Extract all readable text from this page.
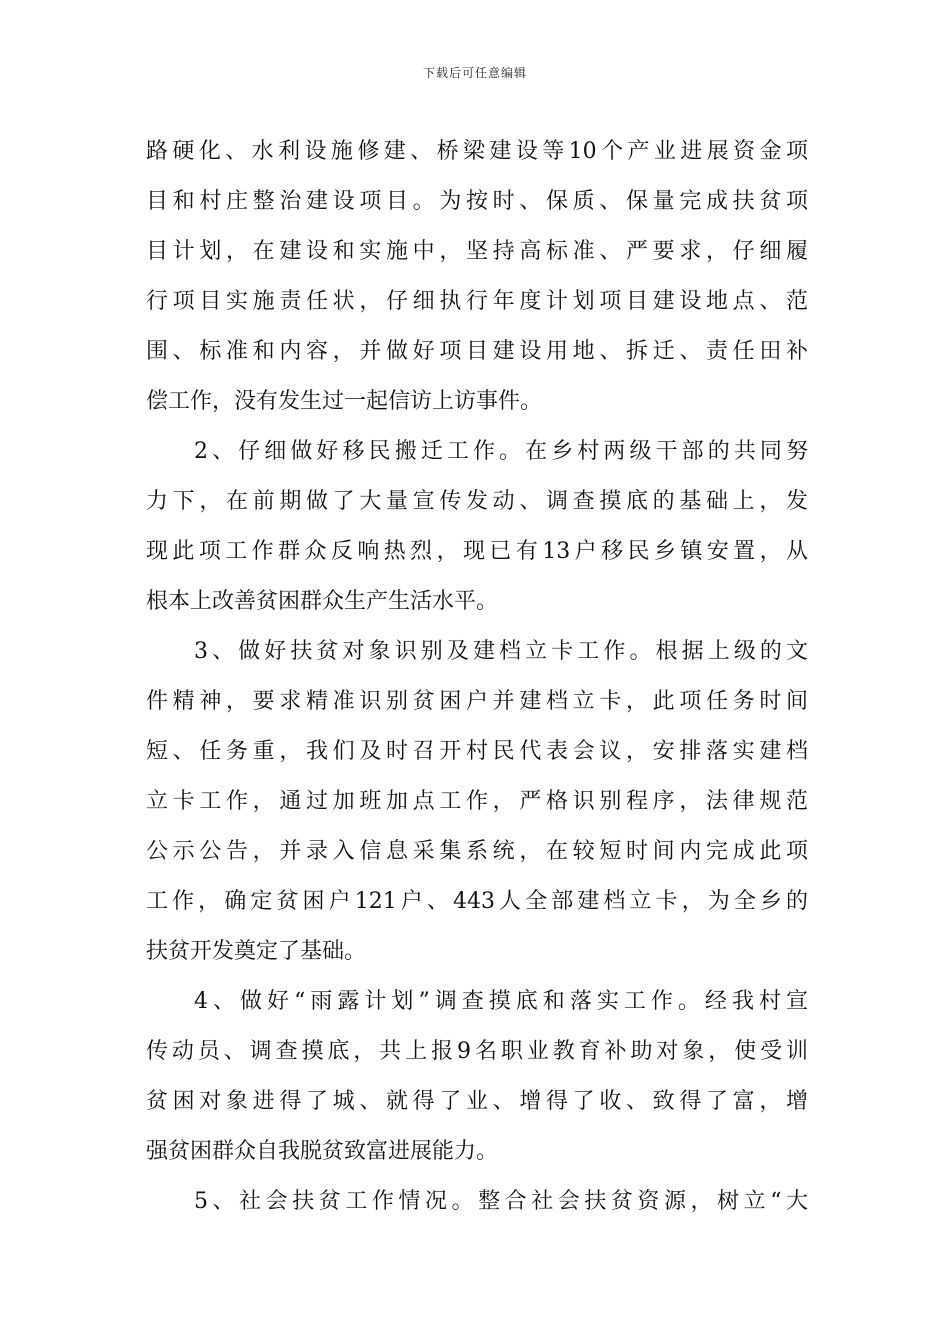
下载后可任意编辑
路硬化、水利设施修建、桥梁建设等10个产业进展资金项
目和村庄整治建设项目。为按时、保质、保量完成扶贫项
目计划，在建设和实施中，坚持高标准、严要求，仔细履
行项目实施责任状，仔细执行年度计划项目建设地点、范
围、标准和内容，并做好项目建设用地、拆迁、责任田补
偿工作，没有发生过一起信访上访事件。
2、仔细做好移民搬迁工作。在乡村两级干部的共同努
力下，在前期做了大量宣传发动、调查摸底的基础上，发
现此项工作群众反响热烈，现已有13户移民乡镇安置，从
根本上改善贫困群众生产生活水平。
3、做好扶贫对象识别及建档立卡工作。根据上级的文
件精神，要求精准识别贫困户并建档立卡，此项任务时间
短、任务重，我们及时召开村民代表会议，安排落实建档
立卡工作，通过加班加点工作，严格识别程序，法律规范
公示公告，并录入信息采集系统，在较短时间内完成此项
工作，确定贫困户121户、443人全部建档立卡，为全乡的
扶贫开发奠定了基础。
4、做好“雨露计划”调查摸底和落实工作。经我村宣
传动员、调查摸底，共上报9名职业教育补助对象，使受训
贫困对象进得了城、就得了业、增得了收、致得了富，增
强贫困群众自我脱贫致富进展能力。
5、社会扶贫工作情况。整合社会扶贫资源，树立“大
